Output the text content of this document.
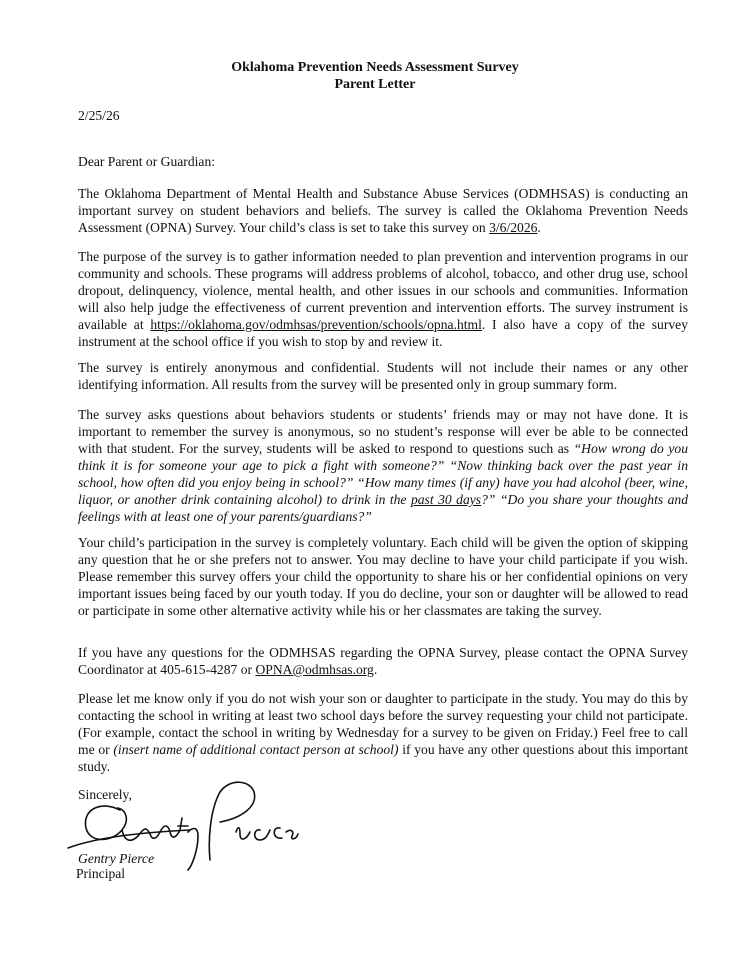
Oklahoma Prevention Needs Assessment Survey
Parent Letter
2/25/26
Dear Parent or Guardian:

The Oklahoma Department of Mental Health and Substance Abuse Services (ODMHSAS) is conducting an important survey on student behaviors and beliefs. The survey is called the Oklahoma Prevention Needs Assessment (OPNA) Survey. Your child’s class is set to take this survey on 3/6/2026.

The purpose of the survey is to gather information needed to plan prevention and intervention programs in our community and schools. These programs will address problems of alcohol, tobacco, and other drug use, school dropout, delinquency, violence, mental health, and other issues in our schools and communities. Information will also help judge the effectiveness of current prevention and intervention efforts. The survey instrument is available at https://oklahoma.gov/odmhsas/prevention/schools/opna.html. I also have a copy of the survey instrument at the school office if you wish to stop by and review it.

The survey is entirely anonymous and confidential. Students will not include their names or any other identifying information. All results from the survey will be presented only in group summary form.

The survey asks questions about behaviors students or students’ friends may or may not have done. It is important to remember the survey is anonymous, so no student’s response will ever be able to be connected with that student. For the survey, students will be asked to respond to questions such as “How wrong do you think it is for someone your age to pick a fight with someone?” “Now thinking back over the past year in school, how often did you enjoy being in school?” “How many times (if any) have you had alcohol (beer, wine, liquor, or another drink containing alcohol) to drink in the past 30 days?” “Do you share your thoughts and feelings with at least one of your parents/guardians?”

Your child’s participation in the survey is completely voluntary. Each child will be given the option of skipping any question that he or she prefers not to answer. You may decline to have your child participate if you wish. Please remember this survey offers your child the opportunity to share his or her confidential opinions on very important issues being faced by our youth today. If you do decline, your son or daughter will be allowed to read or participate in some other alternative activity while his or her classmates are taking the survey.

If you have any questions for the ODMHSAS regarding the OPNA Survey, please contact the OPNA Survey Coordinator at 405-615-4287 or OPNA@odmhsas.org.

Please let me know only if you do not wish your son or daughter to participate in the study. You may do this by contacting the school in writing at least two school days before the survey requesting your child not participate. (For example, contact the school in writing by Wednesday for a survey to be given on Friday.) Feel free to call me or (insert name of additional contact person at school) if you have any other questions about this important study.

Sincerely,
Gentry Pierce
Principal
